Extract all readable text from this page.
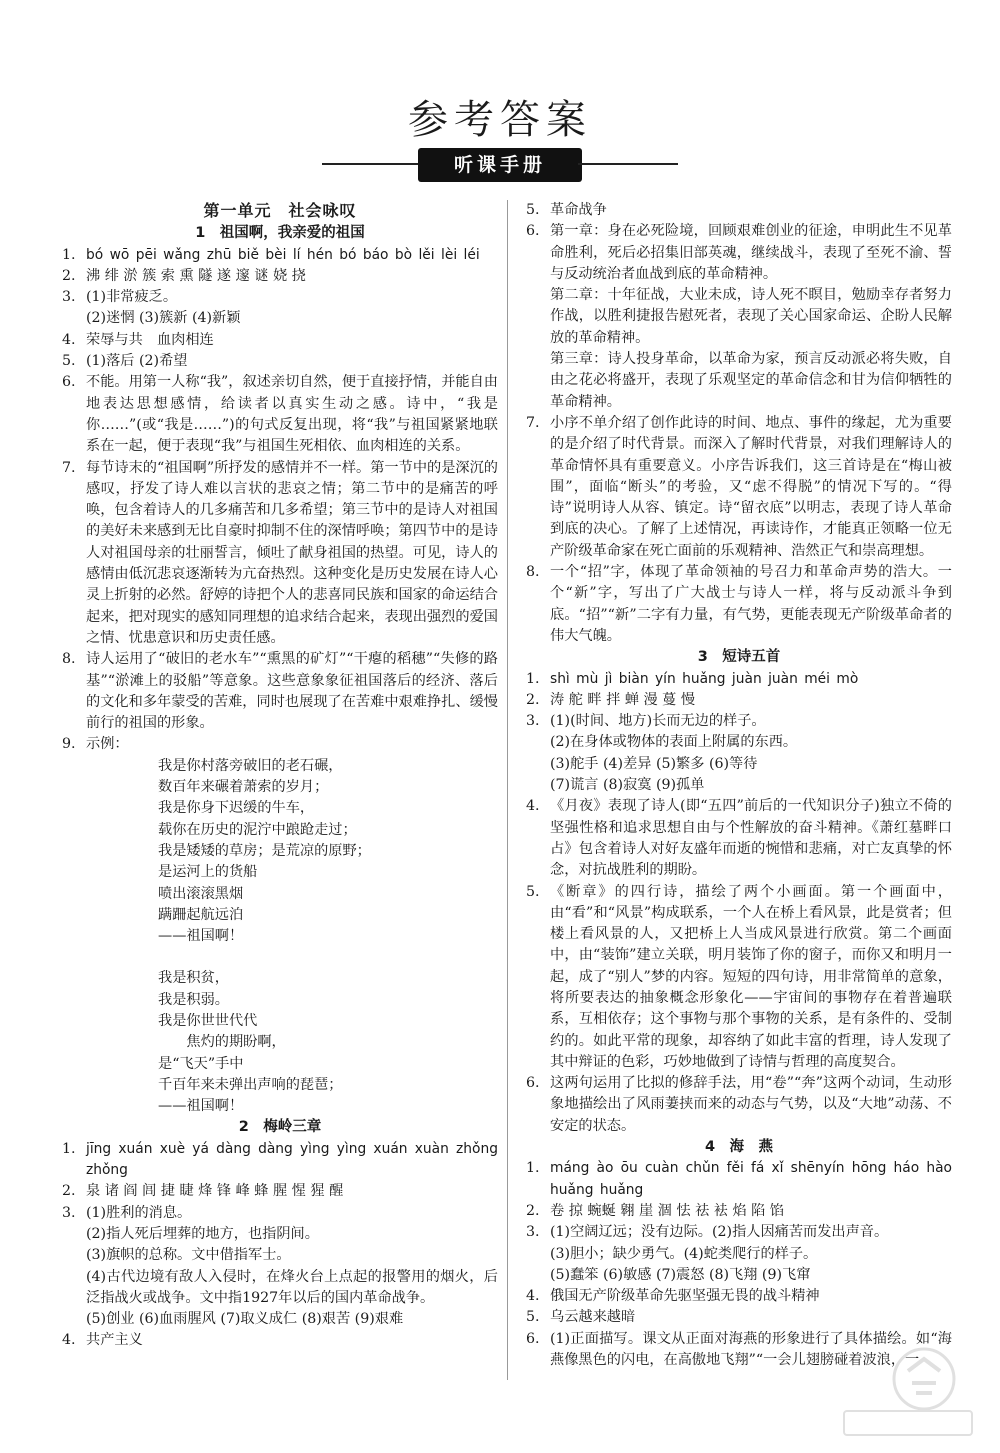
参考答案
听课手册
第一单元　社会咏叹
1　祖国啊，我亲爱的祖国
1. bó wō pēi wǎng zhū biě bèi lí hén bó báo bò lěi lèi léi
2. 沸 绯 淤 簇 索 熏 隧 遂 邃 谜 娆 挠
3. (1)非常疲乏。
(2)迷惘 (3)簇新 (4)新颖
4. 荣辱与共　血肉相连
5. (1)落后 (2)希望
6. 不能。用第一人称“我”，叙述亲切自然，便于直接抒情，并能自由地表达思想感情，给读者以真实生动之感。诗中，“我是你……”(或“我是……”)的句式反复出现，将“我”与祖国紧紧地联系在一起，便于表现“我”与祖国生死相依、血肉相连的关系。
7. 每节诗末的“祖国啊”所抒发的感情并不一样。第一节中的是深沉的感叹，抒发了诗人难以言状的悲哀之情；第二节中的是痛苦的呼唤，包含着诗人的几多痛苦和几多希望；第三节中的是诗人对祖国的美好未来感到无比自豪时抑制不住的深情呼唤；第四节中的是诗人对祖国母亲的壮丽誓言，倾吐了献身祖国的热望。可见，诗人的感情由低沉悲哀逐渐转为亢奋热烈。这种变化是历史发展在诗人心灵上折射的必然。舒婷的诗把个人的悲喜同民族和国家的命运结合起来，把对现实的感知同理想的追求结合起来，表现出强烈的爱国之情、忧患意识和历史责任感。
8. 诗人运用了“破旧的老水车”“熏黑的矿灯”“干瘪的稻穗”“失修的路基”“淤滩上的驳船”等意象。这些意象象征祖国落后的经济、落后的文化和多年蒙受的苦难，同时也展现了在苦难中艰难挣扎、缓慢前行的祖国的形象。
9. 示例：
我是你村落旁破旧的老石碾，
数百年来碾着萧索的岁月；
我是你身下迟缓的牛车，
载你在历史的泥泞中踉跄走过；
我是矮矮的草房；是荒凉的原野；
是运河上的货船
喷出滚滚黑烟
蹒跚起航远泊
——祖国啊！
我是积贫，
我是积弱。
我是你世世代代
　　焦灼的期盼啊，
是“飞天”手中
千百年来未弹出声响的琵琶；
——祖国啊！
2　梅岭三章
1. jīng xuán xuè yá dàng dàng yìng yìng xuán xuàn zhǒng zhǒng
2. 泉 诸 阎 闾 捷 睫 烽 锋 峰 蜂 腥 惺 猩 醒
3. (1)胜利的消息。
(2)指人死后埋葬的地方，也指阴间。
(3)旗帜的总称。文中借指军士。
(4)古代边境有敌人入侵时，在烽火台上点起的报警用的烟火，后泛指战火或战争。文中指1927年以后的国内革命战争。
(5)创业 (6)血雨腥风 (7)取义成仁 (8)艰苦 (9)艰难
4. 共产主义
5. 革命战争
6. 第一章：身在必死险境，回顾艰难创业的征途，申明此生不见革命胜利，死后必招集旧部英魂，继续战斗，表现了至死不渝、誓与反动统治者血战到底的革命精神。
第二章：十年征战，大业未成，诗人死不瞑目，勉励幸存者努力作战，以胜利捷报告慰死者，表现了关心国家命运、企盼人民解放的革命精神。
第三章：诗人投身革命，以革命为家，预言反动派必将失败，自由之花必将盛开，表现了乐观坚定的革命信念和甘为信仰牺牲的革命精神。
7. 小序不单介绍了创作此诗的时间、地点、事件的缘起，尤为重要的是介绍了时代背景。而深入了解时代背景，对我们理解诗人的革命情怀具有重要意义。小序告诉我们，这三首诗是在“梅山被围”，面临“断头”的考验，又“虑不得脱”的情况下写的。“得诗”说明诗人从容、镇定。诗“留衣底”以明志，表现了诗人革命到底的决心。了解了上述情况，再读诗作，才能真正领略一位无产阶级革命家在死亡面前的乐观精神、浩然正气和崇高理想。
8. 一个“招”字，体现了革命领袖的号召力和革命声势的浩大。一个“新”字，写出了广大战士与诗人一样，将与反动派斗争到底。“招”“新”二字有力量，有气势，更能表现无产阶级革命者的伟大气魄。
3　短诗五首
1. shì mù jì biàn yín huǎng juàn juàn méi mò
2. 涛 舵 畔 拌 蝉 漫 蔓 慢
3. (1)(时间、地方)长而无边的样子。
(2)在身体或物体的表面上附属的东西。
(3)舵手 (4)差异 (5)繁多 (6)等待
(7)谎言 (8)寂寞 (9)孤单
4. 《月夜》表现了诗人(即“五四”前后的一代知识分子)独立不倚的坚强性格和追求思想自由与个性解放的奋斗精神。《萧红墓畔口占》包含着诗人对好友盛年而逝的惋惜和悲痛，对亡友真挚的怀念，对抗战胜利的期盼。
5. 《断章》的四行诗，描绘了两个小画面。第一个画面中，由“看”和“风景”构成联系，一个人在桥上看风景，此是赏者；但楼上看风景的人，又把桥上人当成风景进行欣赏。第二个画面中，由“装饰”建立关联，明月装饰了你的窗子，而你又和明月一起，成了“别人”梦的内容。短短的四句诗，用非常简单的意象，将所要表达的抽象概念形象化——宇宙间的事物存在着普遍联系，互相依存；这个事物与那个事物的关系，是有条件的、受制约的。如此平常的现象，却容纳了如此丰富的哲理，诗人发现了其中辩证的色彩，巧妙地做到了诗情与哲理的高度契合。
6. 这两句运用了比拟的修辞手法，用“卷”“奔”这两个动词，生动形象地描绘出了风雨萋挟而来的动态与气势，以及“大地”动荡、不安定的状态。
4　海　燕
1. máng ào ōu cuàn chǔn fěi fá xǐ shēnyín hōng háo hào huǎng huǎng
2. 卷 掠 蜿蜒 翱 崖 涸 怯 祛 袪 焰 陷 馅
3. (1)空阔辽远；没有边际。(2)指人因痛苦而发出声音。
(3)胆小；缺少勇气。(4)蛇类爬行的样子。
(5)蠢笨 (6)敏感 (7)震怒 (8)飞翔 (9)飞窜
4. 俄国无产阶级革命先驱坚强无畏的战斗精神
5. 乌云越来越暗
6. (1)正面描写。课文从正面对海燕的形象进行了具体描绘。如“海燕像黑色的闪电，在高傲地飞翔”“一会儿翅膀碰着波浪，一
